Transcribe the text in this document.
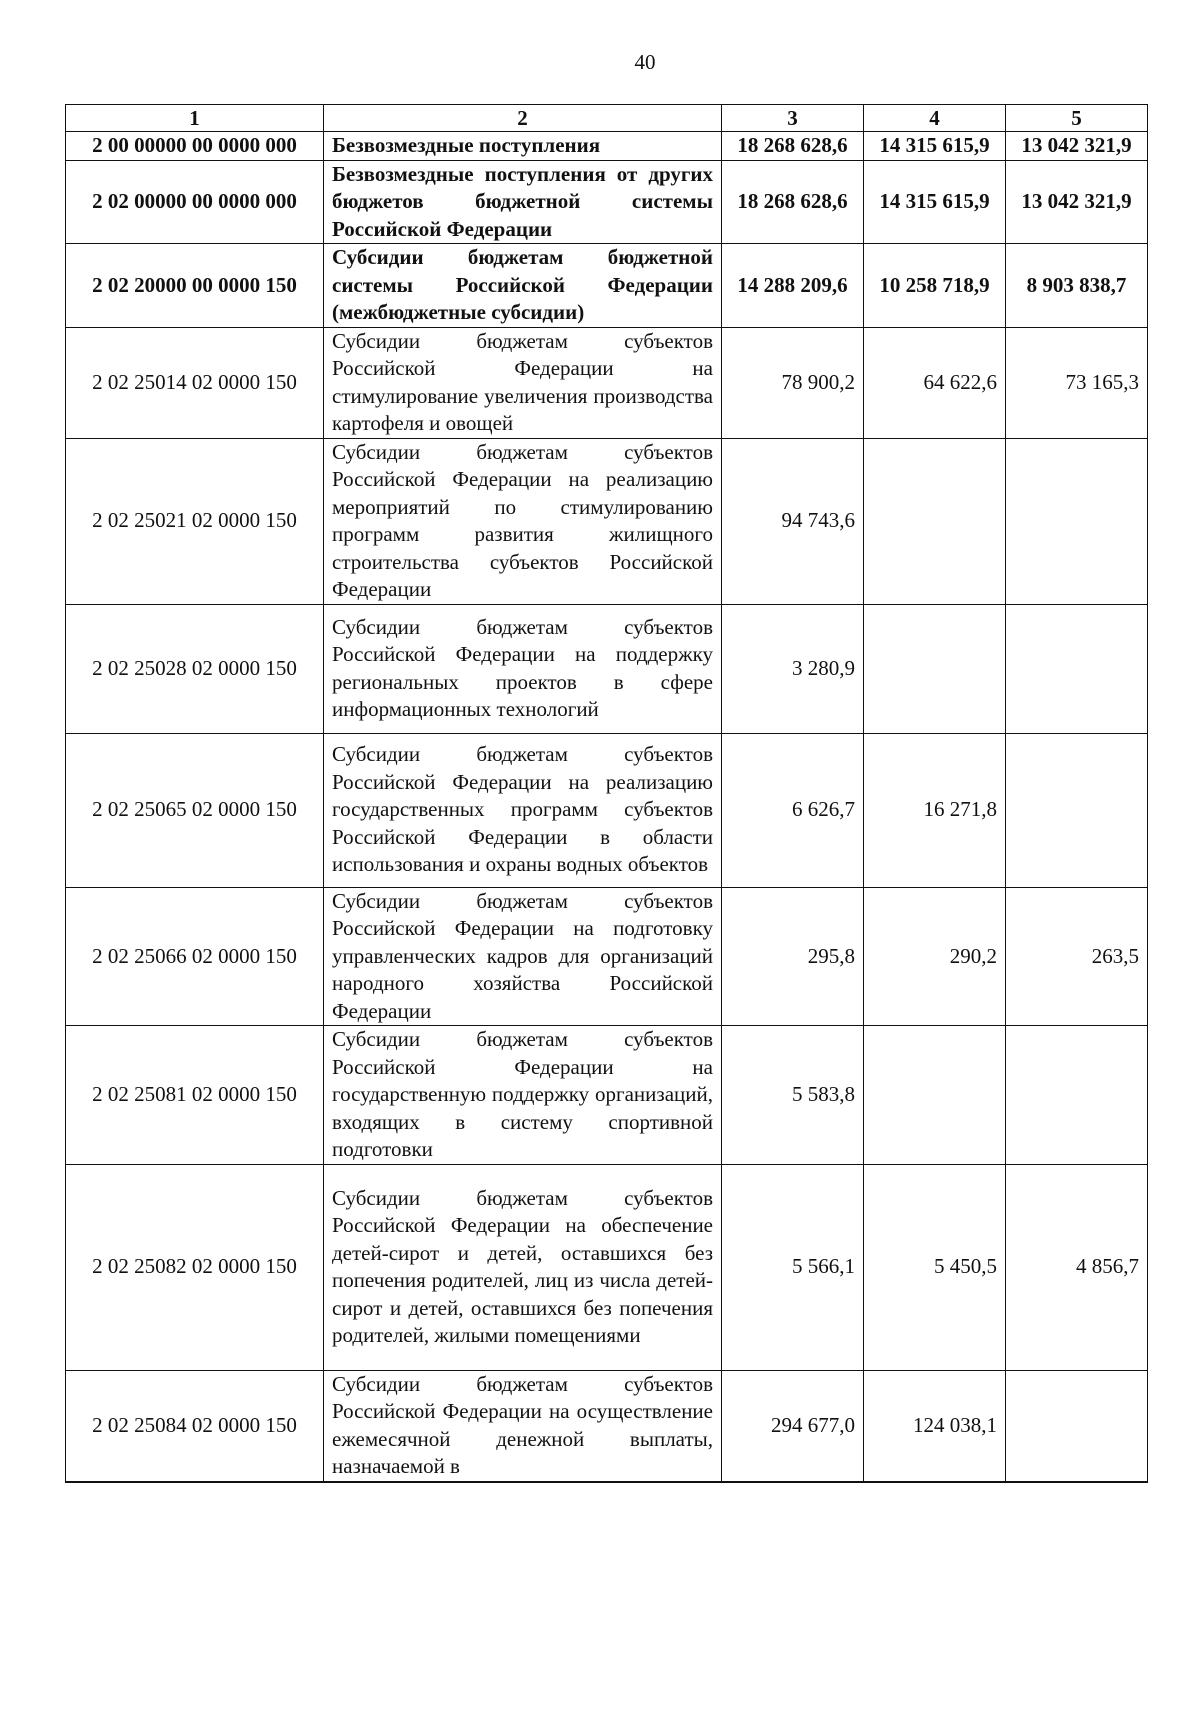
40
1	2	3	4	5
2 00 00000 00 0000 000	Безвозмездные поступления	18 268 628,6	14 315 615,9	13 042 321,9
2 02 00000 00 0000 000	Безвозмездные поступления от других бюджетов бюджетной системы Российской Федерации	18 268 628,6	14 315 615,9	13 042 321,9
2 02 20000 00 0000 150	Субсидии бюджетам бюджетной системы Российской Федерации (межбюджетные субсидии)	14 288 209,6	10 258 718,9	8 903 838,7
2 02 25014 02 0000 150	Субсидии бюджетам субъектов Российской Федерации на стимулирование увеличения производства картофеля и овощей	78 900,2	64 622,6	73 165,3
2 02 25021 02 0000 150	Субсидии бюджетам субъектов Российской Федерации на реализацию мероприятий по стимулированию программ развития жилищного строительства субъектов Российской Федерации	94 743,6		
2 02 25028 02 0000 150	Субсидии бюджетам субъектов Российской Федерации на поддержку региональных проектов в сфере информационных технологий	3 280,9		
2 02 25065 02 0000 150	Субсидии бюджетам субъектов Российской Федерации на реализацию государственных программ субъектов Российской Федерации в области использования и охраны водных объектов	6 626,7	16 271,8	
2 02 25066 02 0000 150	Субсидии бюджетам субъектов Российской Федерации на подготовку управленческих кадров для организаций народного хозяйства Российской Федерации	295,8	290,2	263,5
2 02 25081 02 0000 150	Субсидии бюджетам субъектов Российской Федерации на государственную поддержку организаций, входящих в систему спортивной подготовки	5 583,8		
2 02 25082 02 0000 150	Субсидии бюджетам субъектов Российской Федерации на обеспечение детей-сирот и детей, оставшихся без попечения родителей, лиц из числа детей-сирот и детей, оставшихся без попечения родителей, жилыми помещениями	5 566,1	5 450,5	4 856,7
2 02 25084 02 0000 150	Субсидии бюджетам субъектов Российской Федерации на осуществление ежемесячной денежной выплаты, назначаемой в	294 677,0	124 038,1	
